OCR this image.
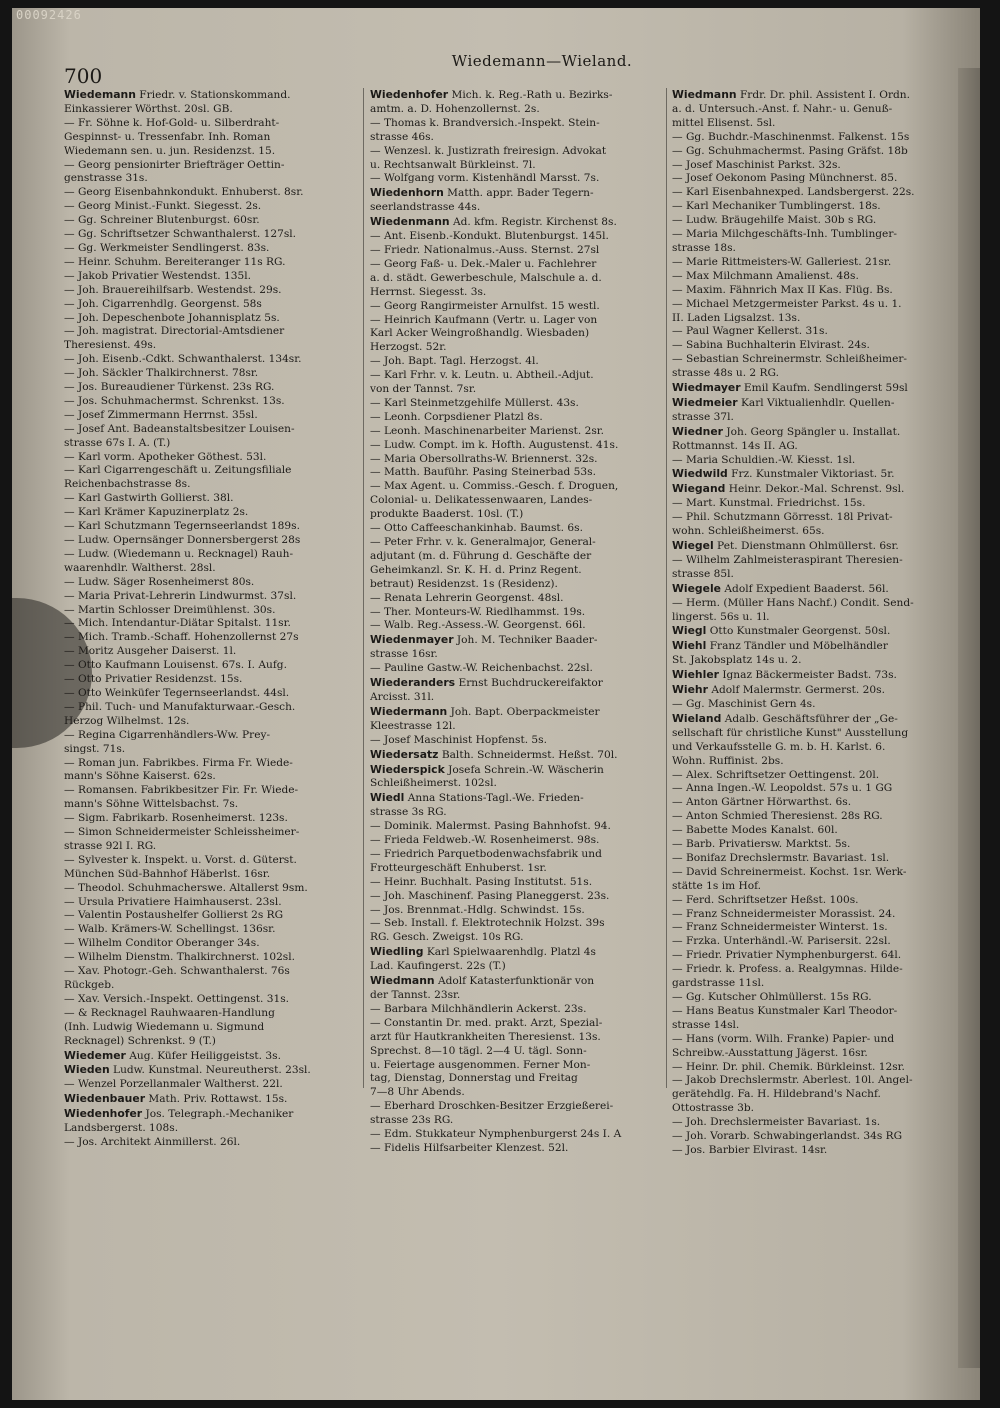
00092426
700
Wiedemann—Wieland.
Wiedemann Friedr. v. Stationskommand.
Einkassierer Wörthst. 20sl. GB.
— Fr. Söhne k. Hof-Gold- u. Silberdraht-
Gespinnst- u. Tressenfabr. Inh. Roman
Wiedemann sen. u. jun. Residenzst. 15.
— Georg pensionirter Briefträger Oettin-
genstrasse 31s.
— Georg Eisenbahnkondukt. Enhuberst. 8sr.
— Georg Minist.-Funkt. Siegesst. 2s.
— Gg. Schreiner Blutenburgst. 60sr.
— Gg. Schriftsetzer Schwanthalerst. 127sl.
— Gg. Werkmeister Sendlingerst. 83s.
— Heinr. Schuhm. Bereiteranger 11s RG.
— Jakob Privatier Westendst. 135l.
— Joh. Brauereihilfsarb. Westendst. 29s.
— Joh. Cigarrenhdlg. Georgenst. 58s
— Joh. Depeschenbote Johannisplatz 5s.
— Joh. magistrat. Directorial-Amtsdiener
Theresienst. 49s.
— Joh. Eisenb.-Cdkt. Schwanthalerst. 134sr.
— Joh. Säckler Thalkirchnerst. 78sr.
— Jos. Bureaudiener Türkenst. 23s RG.
— Jos. Schuhmachermst. Schrenkst. 13s.
— Josef Zimmermann Herrnst. 35sl.
— Josef Ant. Badeanstaltsbesitzer Louisen-
strasse 67s I. A. (T.)
— Karl vorm. Apotheker Göthest. 53l.
— Karl Cigarrengeschäft u. Zeitungsfiliale
Reichenbachstrasse 8s.
— Karl Gastwirth Gollierst. 38l.
— Karl Krämer Kapuzinerplatz 2s.
— Karl Schutzmann Tegernseerlandst 189s.
— Ludw. Opernsänger Donnersbergerst 28s
— Ludw. (Wiedemann u. Recknagel) Rauh-
waarenhdlr. Waltherst. 28sl.
— Ludw. Säger Rosenheimerst 80s.
— Maria Privat-Lehrerin Lindwurmst. 37sl.
— Martin Schlosser Dreimühlenst. 30s.
— Mich. Intendantur-Diätar Spitalst. 11sr.
— Mich. Tramb.-Schaff. Hohenzollernst 27s
— Moritz Ausgeher Daiserst. 1l.
— Otto Kaufmann Louisenst. 67s. I. Aufg.
— Otto Privatier Residenzst. 15s.
— Otto Weinküfer Tegernseerlandst. 44sl.
— Phil. Tuch- und Manufakturwaar.-Gesch.
Herzog Wilhelmst. 12s.
— Regina Cigarrenhändlers-Ww. Prey-
singst. 71s.
— Roman jun. Fabrikbes. Firma Fr. Wiede-
mann's Söhne Kaiserst. 62s.
— Romansen. Fabrikbesitzer Fir. Fr. Wiede-
mann's Söhne Wittelsbachst. 7s.
— Sigm. Fabrikarb. Rosenheimerst. 123s.
— Simon Schneidermeister Schleissheimer-
strasse 92l I. RG.
— Sylvester k. Inspekt. u. Vorst. d. Güterst.
München Süd-Bahnhof Häberlst. 16sr.
— Theodol. Schuhmacherswe. Altallerst 9sm.
— Ursula Privatiere Haimhauserst. 23sl.
— Valentin Postaushelfer Gollierst 2s RG
— Walb. Krämers-W. Schellingst. 136sr.
— Wilhelm Conditor Oberanger 34s.
— Wilhelm Dienstm. Thalkirchnerst. 102sl.
— Xav. Photogr.-Geh. Schwanthalerst. 76s
Rückgeb.
— Xav. Versich.-Inspekt. Oettingenst. 31s.
— & Recknagel Rauhwaaren-Handlung
(Inh. Ludwig Wiedemann u. Sigmund
Recknagel) Schrenkst. 9 (T.)
Wiedemer Aug. Küfer Heiliggeistst. 3s.
Wieden Ludw. Kunstmal. Neureutherst. 23sl.
— Wenzel Porzellanmaler Waltherst. 22l.
Wiedenbauer Math. Priv. Rottawst. 15s.
Wiedenhofer Jos. Telegraph.-Mechaniker
Landsbergerst. 108s.
— Jos. Architekt Ainmillerst. 26l.
Wiedenhofer Mich. k. Reg.-Rath u. Bezirks-
amtm. a. D. Hohenzollernst. 2s.
— Thomas k. Brandversich.-Inspekt. Stein-
strasse 46s.
— Wenzesl. k. Justizrath freiresign. Advokat
u. Rechtsanwalt Bürkleinst. 7l.
— Wolfgang vorm. Kistenhändl Marsst. 7s.
Wiedenhorn Matth. appr. Bader Tegern-
seerlandstrasse 44s.
Wiedenmann Ad. kfm. Registr. Kirchenst 8s.
— Ant. Eisenb.-Kondukt. Blutenburgst. 145l.
— Friedr. Nationalmus.-Auss. Sternst. 27sl
— Georg Faß- u. Dek.-Maler u. Fachlehrer
a. d. städt. Gewerbeschule, Malschule a. d.
Herrnst. Siegesst. 3s.
— Georg Rangirmeister Arnulfst. 15 westl.
— Heinrich Kaufmann (Vertr. u. Lager von
Karl Acker Weingroßhandlg. Wiesbaden)
Herzogst. 52r.
— Joh. Bapt. Tagl. Herzogst. 4l.
— Karl Frhr. v. k. Leutn. u. Abtheil.-Adjut.
von der Tannst. 7sr.
— Karl Steinmetzgehilfe Müllerst. 43s.
— Leonh. Corpsdiener Platzl 8s.
— Leonh. Maschinenarbeiter Marienst. 2sr.
— Ludw. Compt. im k. Hofth. Augustenst. 41s.
— Maria Obersollraths-W. Briennerst. 32s.
— Matth. Bauführ. Pasing Steinerbad 53s.
— Max Agent. u. Commiss.-Gesch. f. Droguen,
Colonial- u. Delikatessenwaaren, Landes-
produkte Baaderst. 10sl. (T.)
— Otto Caffeeschankinhab. Baumst. 6s.
— Peter Frhr. v. k. Generalmajor, General-
adjutant (m. d. Führung d. Geschäfte der
Geheimkanzl. Sr. K. H. d. Prinz Regent.
betraut) Residenzst. 1s (Residenz).
— Renata Lehrerin Georgenst. 48sl.
— Ther. Monteurs-W. Riedlhammst. 19s.
— Walb. Reg.-Assess.-W. Georgenst. 66l.
Wiedenmayer Joh. M. Techniker Baader-
strasse 16sr.
— Pauline Gastw.-W. Reichenbachst. 22sl.
Wiederanders Ernst Buchdruckereifaktor
Arcisst. 31l.
Wiedermann Joh. Bapt. Oberpackmeister
Kleestrasse 12l.
— Josef Maschinist Hopfenst. 5s.
Wiedersatz Balth. Schneidermst. Heßst. 70l.
Wiederspick Josefa Schrein.-W. Wäscherin
Schleißheimerst. 102sl.
Wiedl Anna Stations-Tagl.-We. Frieden-
strasse 3s RG.
— Dominik. Malermst. Pasing Bahnhofst. 94.
— Frieda Feldweb.-W. Rosenheimerst. 98s.
— Friedrich Parquetbodenwachsfabrik und
Frotteurgeschäft Enhuberst. 1sr.
— Heinr. Buchhalt. Pasing Institutst. 51s.
— Joh. Maschinenf. Pasing Planeggerst. 23s.
— Jos. Brennmat.-Hdlg. Schwindst. 15s.
— Seb. Install. f. Elektrotechnik Holzst. 39s
RG. Gesch. Zweigst. 10s RG.
Wiedling Karl Spielwaarenhdlg. Platzl 4s
Lad. Kaufingerst. 22s (T.)
Wiedmann Adolf Katasterfunktionär von
der Tannst. 23sr.
— Barbara Milchhändlerin Ackerst. 23s.
— Constantin Dr. med. prakt. Arzt, Spezial-
arzt für Hautkrankheiten Theresienst. 13s.
Sprechst. 8—10 tägl. 2—4 U. tägl. Sonn-
u. Feiertage ausgenommen. Ferner Mon-
tag, Dienstag, Donnerstag und Freitag
7—8 Uhr Abends.
— Eberhard Droschken-Besitzer Erzgießerei-
strasse 23s RG.
— Edm. Stukkateur Nymphenburgerst 24s I. A
— Fidelis Hilfsarbeiter Klenzest. 52l.
Wiedmann Frdr. Dr. phil. Assistent I. Ordn.
a. d. Untersuch.-Anst. f. Nahr.- u. Genuß-
mittel Elisenst. 5sl.
— Gg. Buchdr.-Maschinenmst. Falkenst. 15s
— Gg. Schuhmachermst. Pasing Gräfst. 18b
— Josef Maschinist Parkst. 32s.
— Josef Oekonom Pasing Münchnerst. 85.
— Karl Eisenbahnexped. Landsbergerst. 22s.
— Karl Mechaniker Tumblingerst. 18s.
— Ludw. Bräugehilfe Maist. 30b s RG.
— Maria Milchgeschäfts-Inh. Tumblinger-
strasse 18s.
— Marie Rittmeisters-W. Galleriest. 21sr.
— Max Milchmann Amalienst. 48s.
— Maxim. Fähnrich Max II Kas. Flüg. Bs.
— Michael Metzgermeister Parkst. 4s u. 1.
II. Laden Ligsalzst. 13s.
— Paul Wagner Kellerst. 31s.
— Sabina Buchhalterin Elvirast. 24s.
— Sebastian Schreinermstr. Schleißheimer-
strasse 48s u. 2 RG.
Wiedmayer Emil Kaufm. Sendlingerst 59sl
Wiedmeier Karl Viktualienhdlr. Quellen-
strasse 37l.
Wiedner Joh. Georg Spängler u. Installat.
Rottmannst. 14s II. AG.
— Maria Schuldien.-W. Kiesst. 1sl.
Wiedwild Frz. Kunstmaler Viktoriast. 5r.
Wiegand Heinr. Dekor.-Mal. Schrenst. 9sl.
— Mart. Kunstmal. Friedrichst. 15s.
— Phil. Schutzmann Görresst. 18l Privat-
wohn. Schleißheimerst. 65s.
Wiegel Pet. Dienstmann Ohlmüllerst. 6sr.
— Wilhelm Zahlmeisteraspirant Theresien-
strasse 85l.
Wiegele Adolf Expedient Baaderst. 56l.
— Herm. (Müller Hans Nachf.) Condit. Send-
lingerst. 56s u. 1l.
Wiegl Otto Kunstmaler Georgenst. 50sl.
Wiehl Franz Tändler und Möbelhändler
St. Jakobsplatz 14s u. 2.
Wiehler Ignaz Bäckermeister Badst. 73s.
Wiehr Adolf Malermstr. Germerst. 20s.
— Gg. Maschinist Gern 4s.
Wieland Adalb. Geschäftsführer der „Ge-
sellschaft für christliche Kunst" Ausstellung
und Verkaufsstelle G. m. b. H. Karlst. 6.
Wohn. Ruffinist. 2bs.
— Alex. Schriftsetzer Oettingenst. 20l.
— Anna Ingen.-W. Leopoldst. 57s u. 1 GG
— Anton Gärtner Hörwarthst. 6s.
— Anton Schmied Theresienst. 28s RG.
— Babette Modes Kanalst. 60l.
— Barb. Privatiersw. Marktst. 5s.
— Bonifaz Drechslermstr. Bavariast. 1sl.
— David Schreinermeist. Kochst. 1sr. Werk-
stätte 1s im Hof.
— Ferd. Schriftsetzer Heßst. 100s.
— Franz Schneidermeister Morassist. 24.
— Franz Schneidermeister Winterst. 1s.
— Frzka. Unterhändl.-W. Parisersit. 22sl.
— Friedr. Privatier Nymphenburgerst. 64l.
— Friedr. k. Profess. a. Realgymnas. Hilde-
gardstrasse 11sl.
— Gg. Kutscher Ohlmüllerst. 15s RG.
— Hans Beatus Kunstmaler Karl Theodor-
strasse 14sl.
— Hans (vorm. Wilh. Franke) Papier- und
Schreibw.-Ausstattung Jägerst. 16sr.
— Heinr. Dr. phil. Chemik. Bürkleinst. 12sr.
— Jakob Drechslermstr. Aberlest. 10l. Angel-
gerätehdlg. Fa. H. Hildebrand's Nachf.
Ottostrasse 3b.
— Joh. Drechslermeister Bavariast. 1s.
— Joh. Vorarb. Schwabingerlandst. 34s RG
— Jos. Barbier Elvirast. 14sr.
